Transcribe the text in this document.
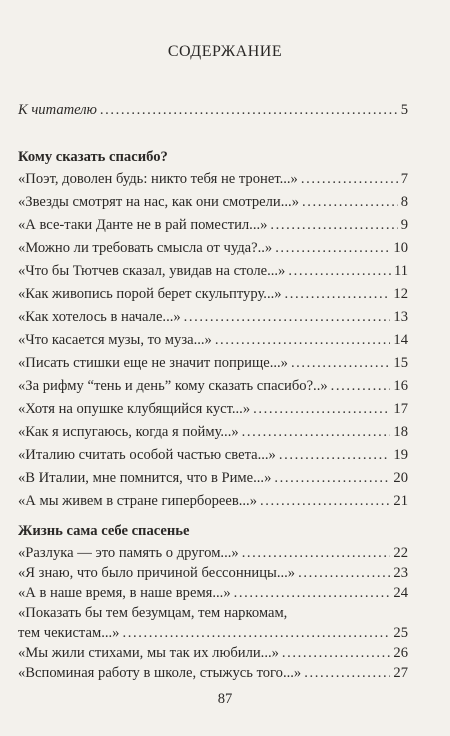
СОДЕРЖАНИЕ
К читателю .....	5
Кому сказать спасибо?
«Поэт, доволен будь: никто тебя не тронет...» .....	7
«Звезды смотрят на нас, как они смотрели...» .....	8
«А все-таки Данте не в рай поместил...» .....	9
«Можно ли требовать смысла от чуда?..» .....	10
«Что бы Тютчев сказал, увидав на столе...» .....	11
«Как живопись порой берет скульптуру...» .....	12
«Как хотелось в начале...» .....	13
«Что касается музы, то муза...» .....	14
«Писать стишки еще не значит поприще...» .....	15
«За рифму “тень и день” кому сказать спасибо?..» .....	16
«Хотя на опушке клубящийся куст...» .....	17
«Как я испугаюсь, когда я пойму...» .....	18
«Италию считать особой частью света...» .....	19
«В Италии, мне помнится, что в Риме...» .....	20
«А мы живем в стране гипербореев...» .....	21
Жизнь сама себе спасенье
«Разлука — это память о другом...» .....	22
«Я знаю, что было причиной бессонницы...» .....	23
«А в наше время, в наше время...» .....	24
«Показать бы тем безумцам, тем наркомам,
тем чекистам...» .....	25
«Мы жили стихами, мы так их любили...» .....	26
87
«Вспоминая работу в школе, стыжусь того...» .....	27
